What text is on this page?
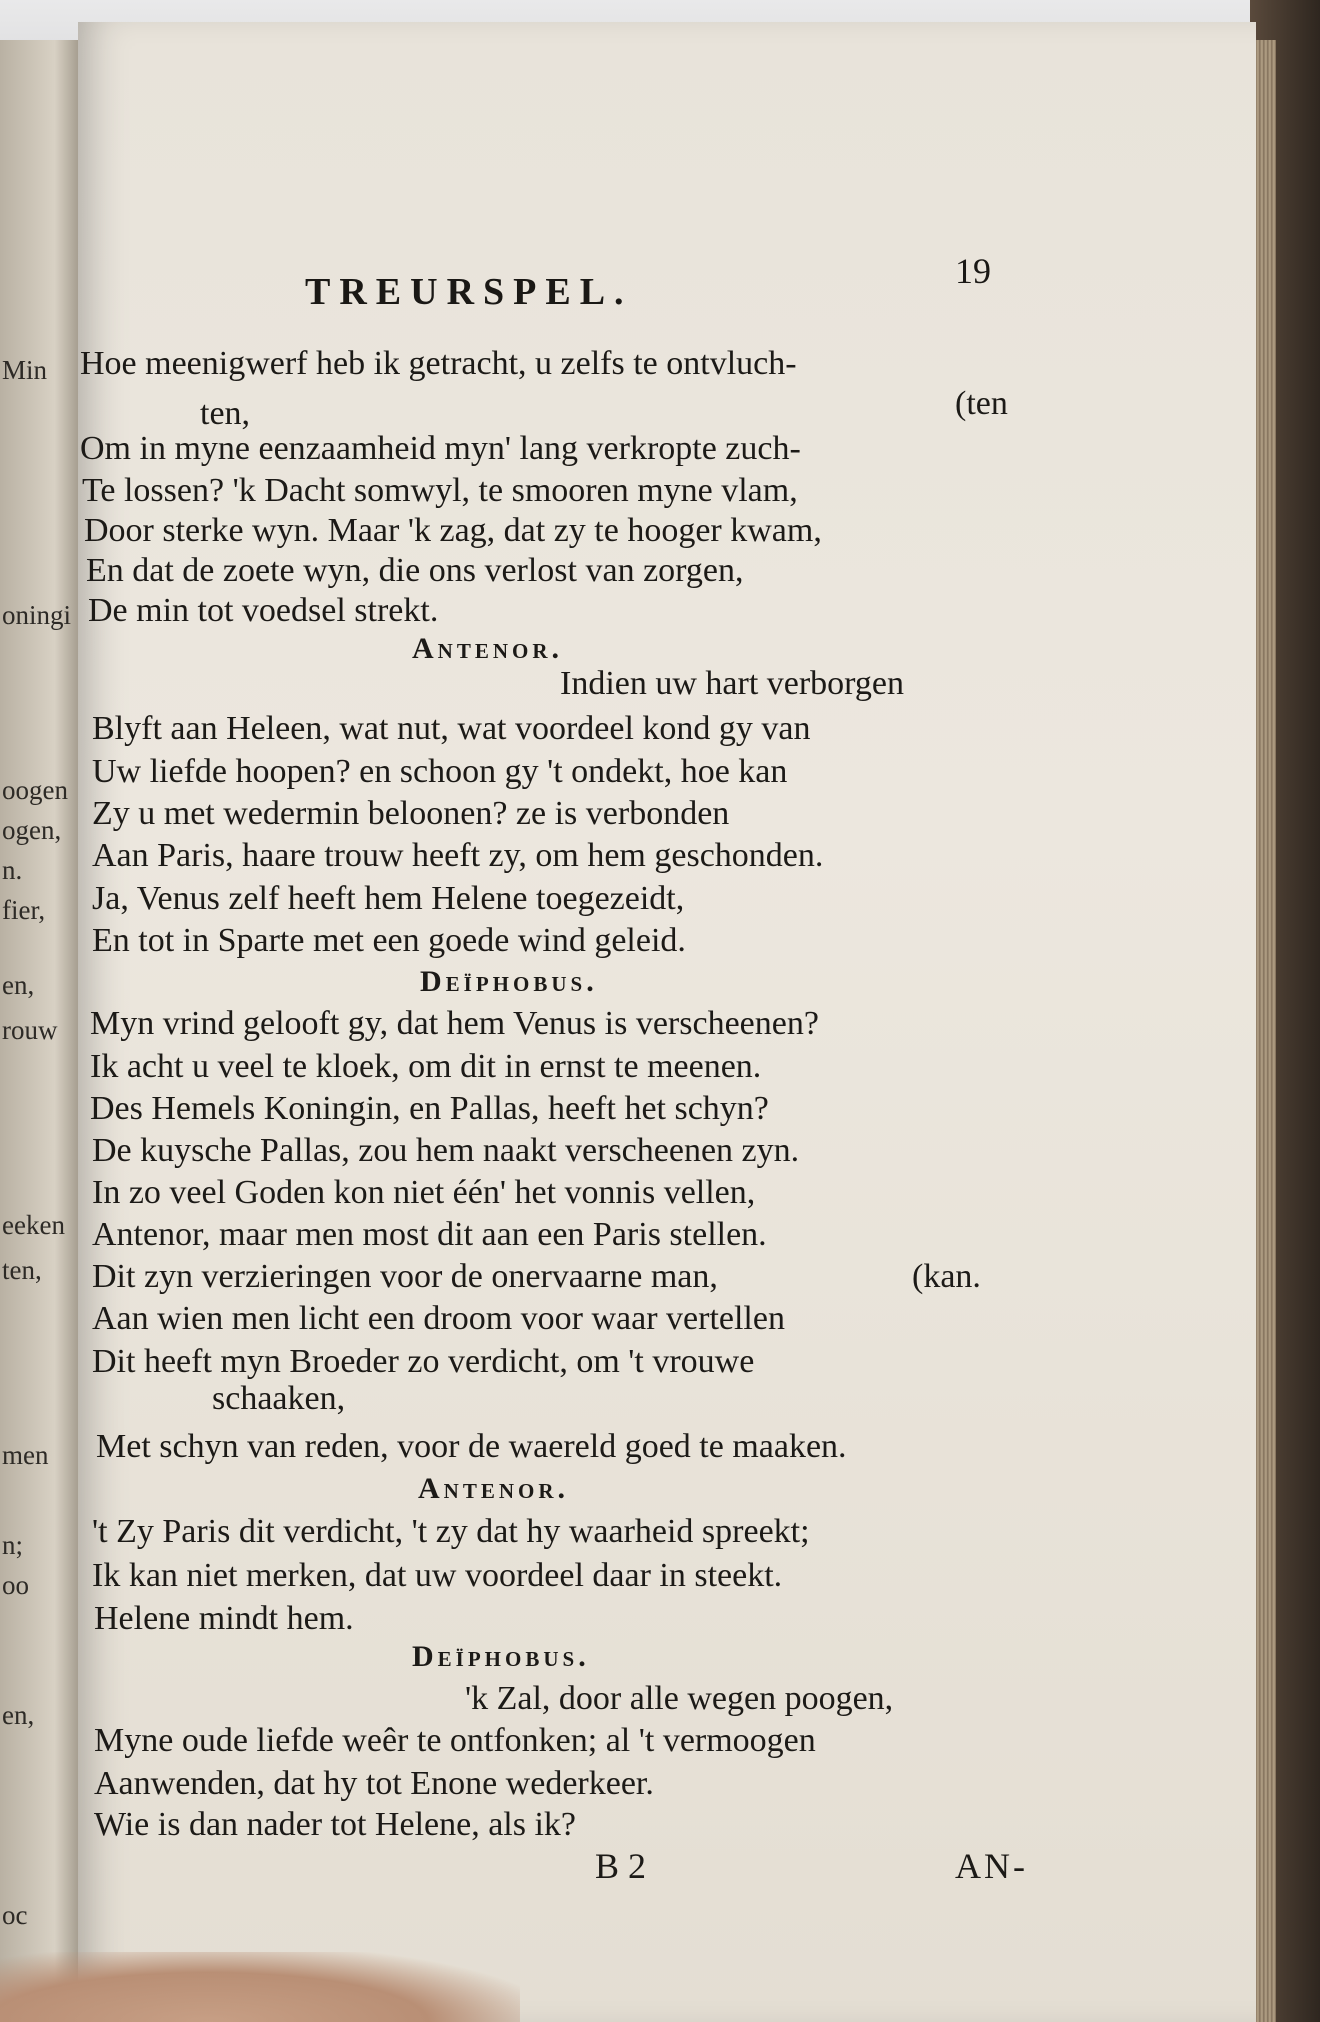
Min
oningi
oogen
ogen,
n.
fier,
en,
rouw
eeken
ten,
men
n;
oo
en,
oc
TREURSPEL.	19
Hoe meenigwerf heb ik getracht, u zelfs te ontvluch-
(ten
ten,
Om in myne eenzaamheid myn' lang verkropte zuch-
Te lossen? 'k Dacht somwyl, te smooren myne vlam,
Door sterke wyn. Maar 'k zag, dat zy te hooger kwam,
En dat de zoete wyn, die ons verlost van zorgen,
De min tot voedsel strekt.
Antenor.
Indien uw hart verborgen
Blyft aan Heleen, wat nut, wat voordeel kond gy van
Uw liefde hoopen? en schoon gy 't ondekt, hoe kan
Zy u met wedermin beloonen? ze is verbonden
Aan Paris, haare trouw heeft zy, om hem geschonden.
Ja, Venus zelf heeft hem Helene toegezeidt,
En tot in Sparte met een goede wind geleid.
Deïphobus.
Myn vrind gelooft gy, dat hem Venus is verscheenen?
Ik acht u veel te kloek, om dit in ernst te meenen.
Des Hemels Koningin, en Pallas, heeft het schyn?
De kuysche Pallas, zou hem naakt verscheenen zyn.
In zo veel Goden kon niet één' het vonnis vellen,
Antenor, maar men most dit aan een Paris stellen.
Dit zyn verzieringen voor de onervaarne man,	(kan.
Aan wien men licht een droom voor waar vertellen
Dit heeft myn Broeder zo verdicht, om 't vrouwe
schaaken,
Met schyn van reden, voor de waereld goed te maaken.
Antenor.
't Zy Paris dit verdicht, 't zy dat hy waarheid spreekt;
Ik kan niet merken, dat uw voordeel daar in steekt.
Helene mindt hem.
Deïphobus.
'k Zal, door alle wegen poogen,
Myne oude liefde weêr te ontfonken; al 't vermoogen
Aanwenden, dat hy tot Enone wederkeer.
Wie is dan nader tot Helene, als ik?
B 2	AN-
